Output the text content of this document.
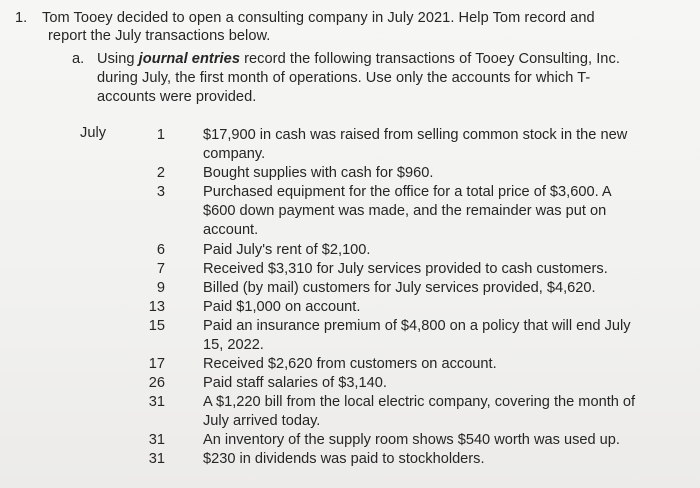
1. Tom Tooey decided to open a consulting company in July 2021. Help Tom record and
report the July transactions below.
a. Using journal entries record the following transactions of Tooey Consulting, Inc.
during July, the first month of operations. Use only the accounts for which T-
accounts were provided.
July	1	$17,900 in cash was raised from selling common stock in the new company.
2	Bought supplies with cash for $960.
3	Purchased equipment for the office for a total price of $3,600. A $600 down payment was made, and the remainder was put on account.
6	Paid July's rent of $2,100.
7	Received $3,310 for July services provided to cash customers.
9	Billed (by mail) customers for July services provided, $4,620.
13	Paid $1,000 on account.
15	Paid an insurance premium of $4,800 on a policy that will end July 15, 2022.
17	Received $2,620 from customers on account.
26	Paid staff salaries of $3,140.
31	A $1,220 bill from the local electric company, covering the month of July arrived today.
31	An inventory of the supply room shows $540 worth was used up.
31	$230 in dividends was paid to stockholders.
